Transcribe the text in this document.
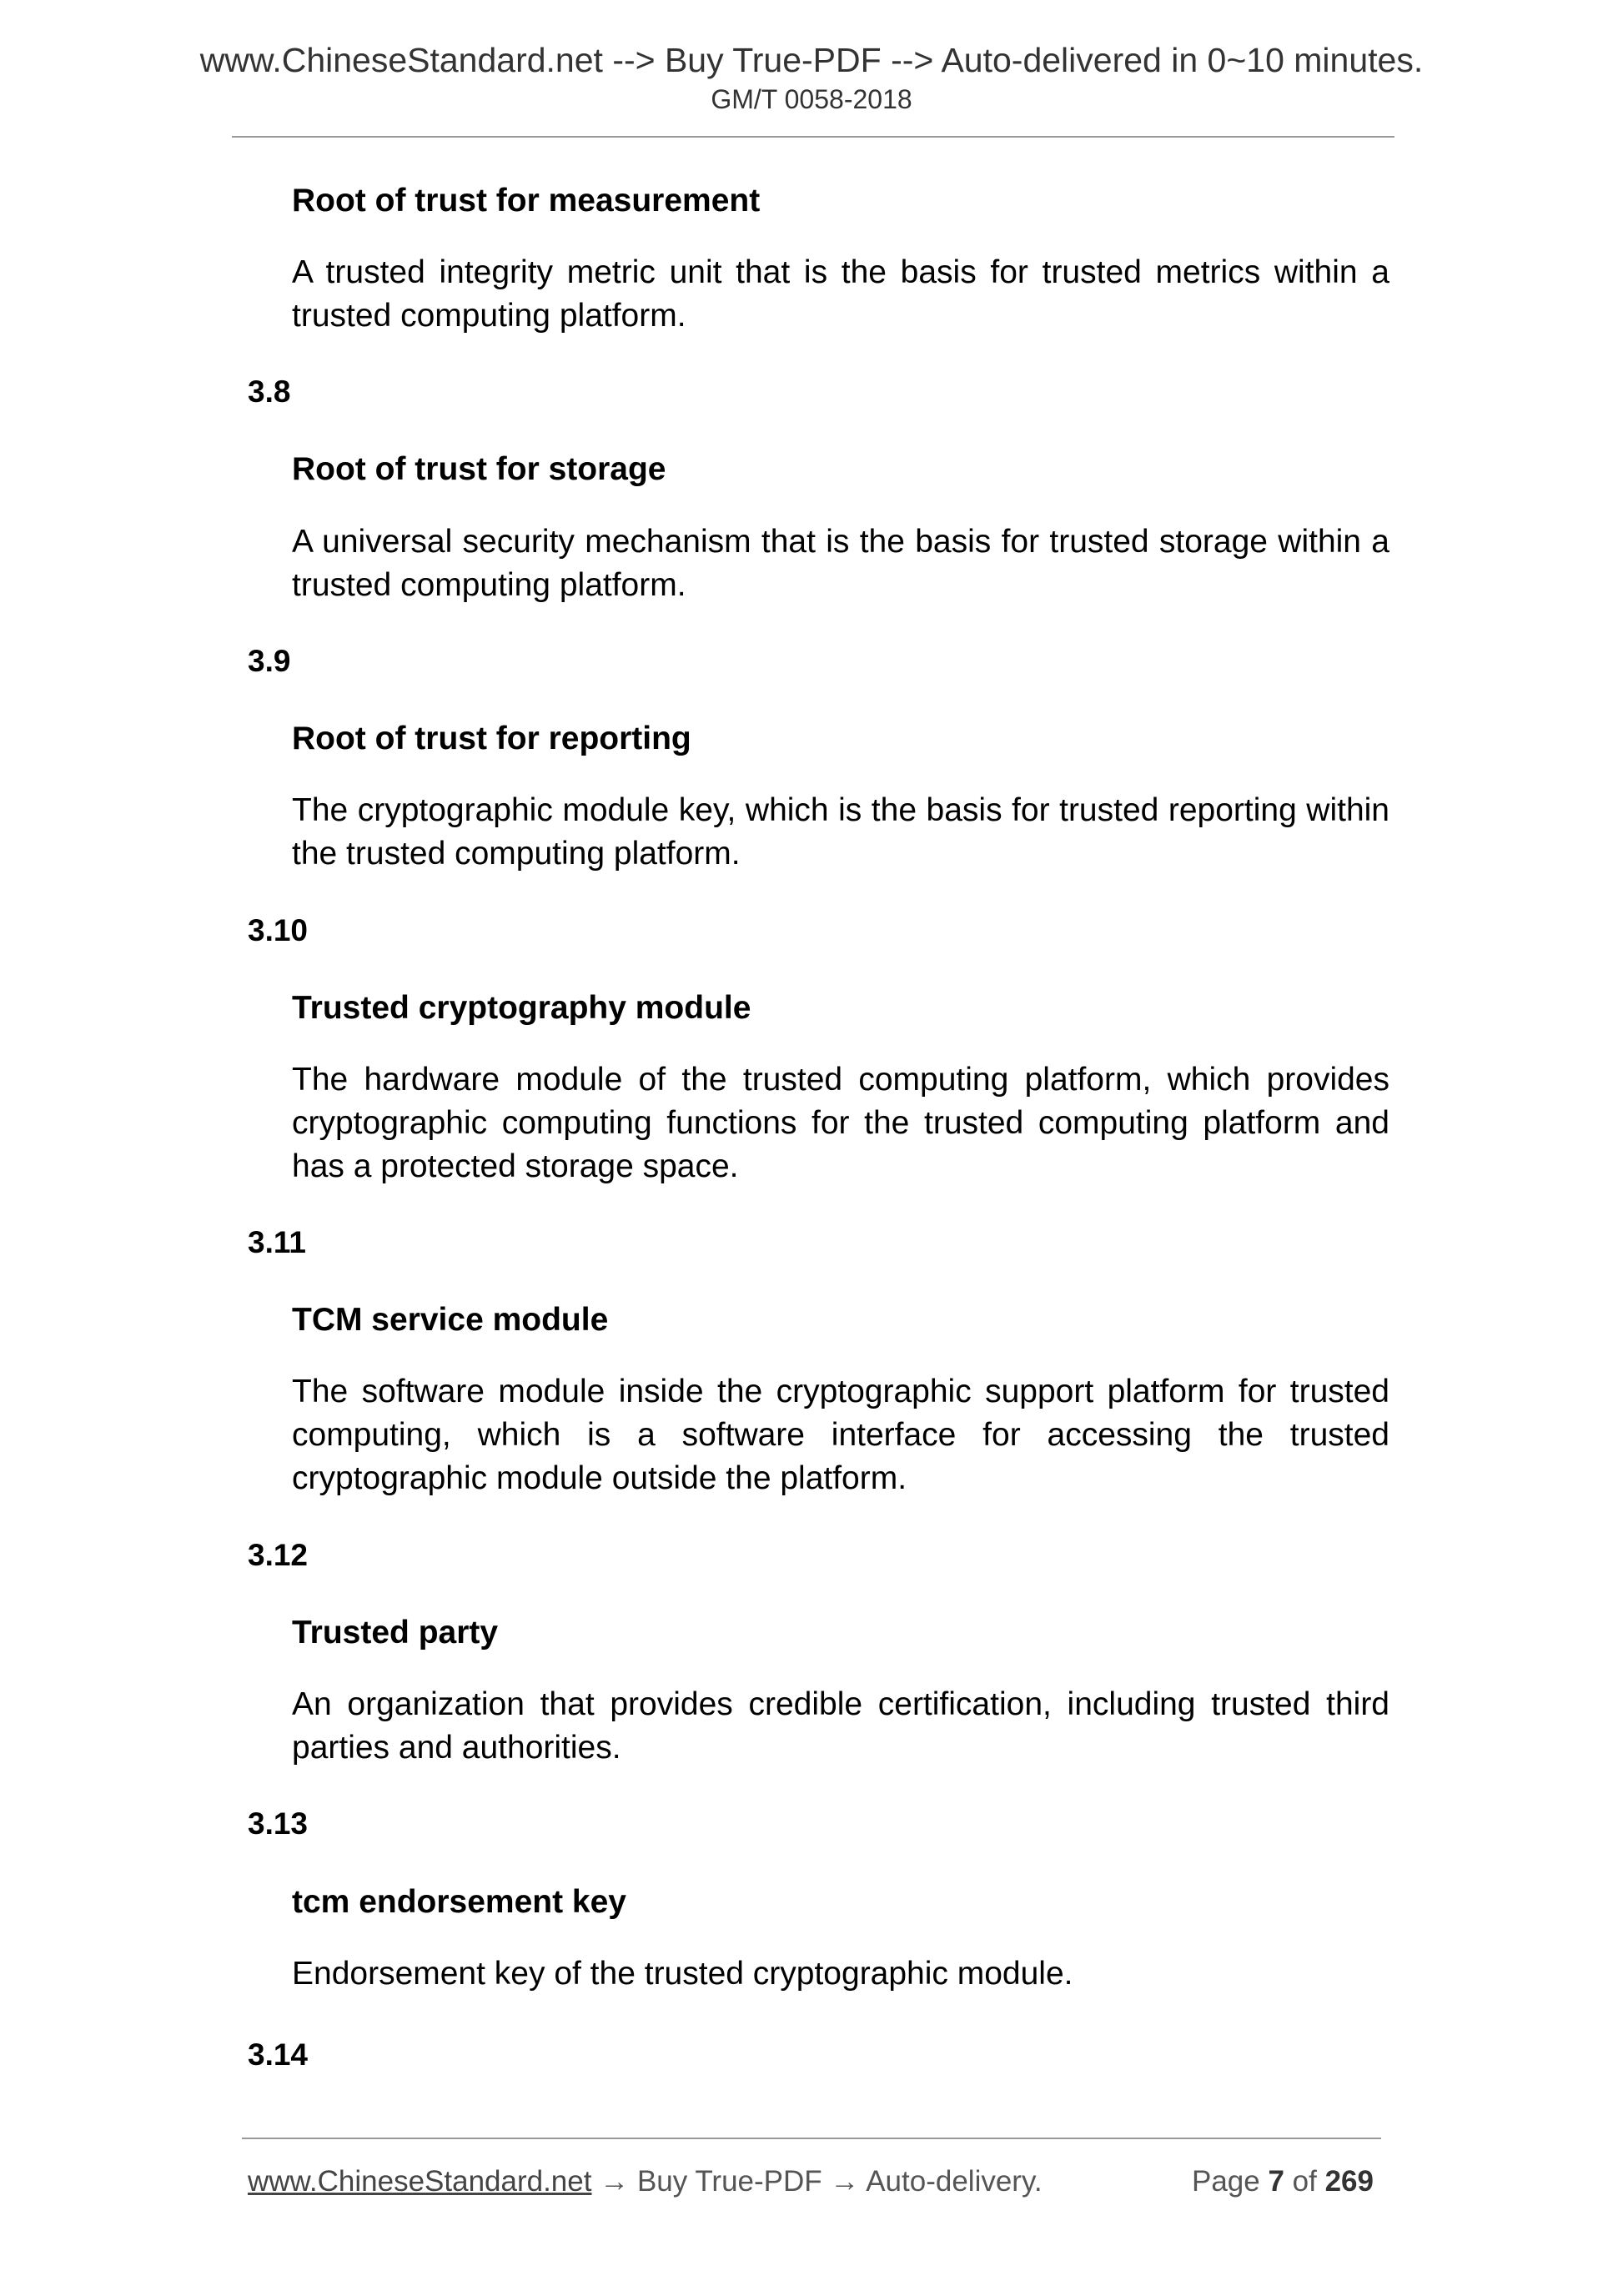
www.ChineseStandard.net --> Buy True-PDF --> Auto-delivered in 0~10 minutes.
GM/T 0058-2018
Root of trust for measurement

A trusted integrity metric unit that is the basis for trusted metrics within a trusted computing platform.

3.8
Root of trust for storage

A universal security mechanism that is the basis for trusted storage within a trusted computing platform.

3.9
Root of trust for reporting

The cryptographic module key, which is the basis for trusted reporting within the trusted computing platform.

3.10
Trusted cryptography module

The hardware module of the trusted computing platform, which provides cryptographic computing functions for the trusted computing platform and has a protected storage space.

3.11
TCM service module

The software module inside the cryptographic support platform for trusted computing, which is a software interface for accessing the trusted cryptographic module outside the platform.

3.12
Trusted party

An organization that provides credible certification, including trusted third parties and authorities.

3.13
tcm endorsement key

Endorsement key of the trusted cryptographic module.

3.14
www.ChineseStandard.net → Buy True-PDF → Auto-delivery.	Page 7 of 269
